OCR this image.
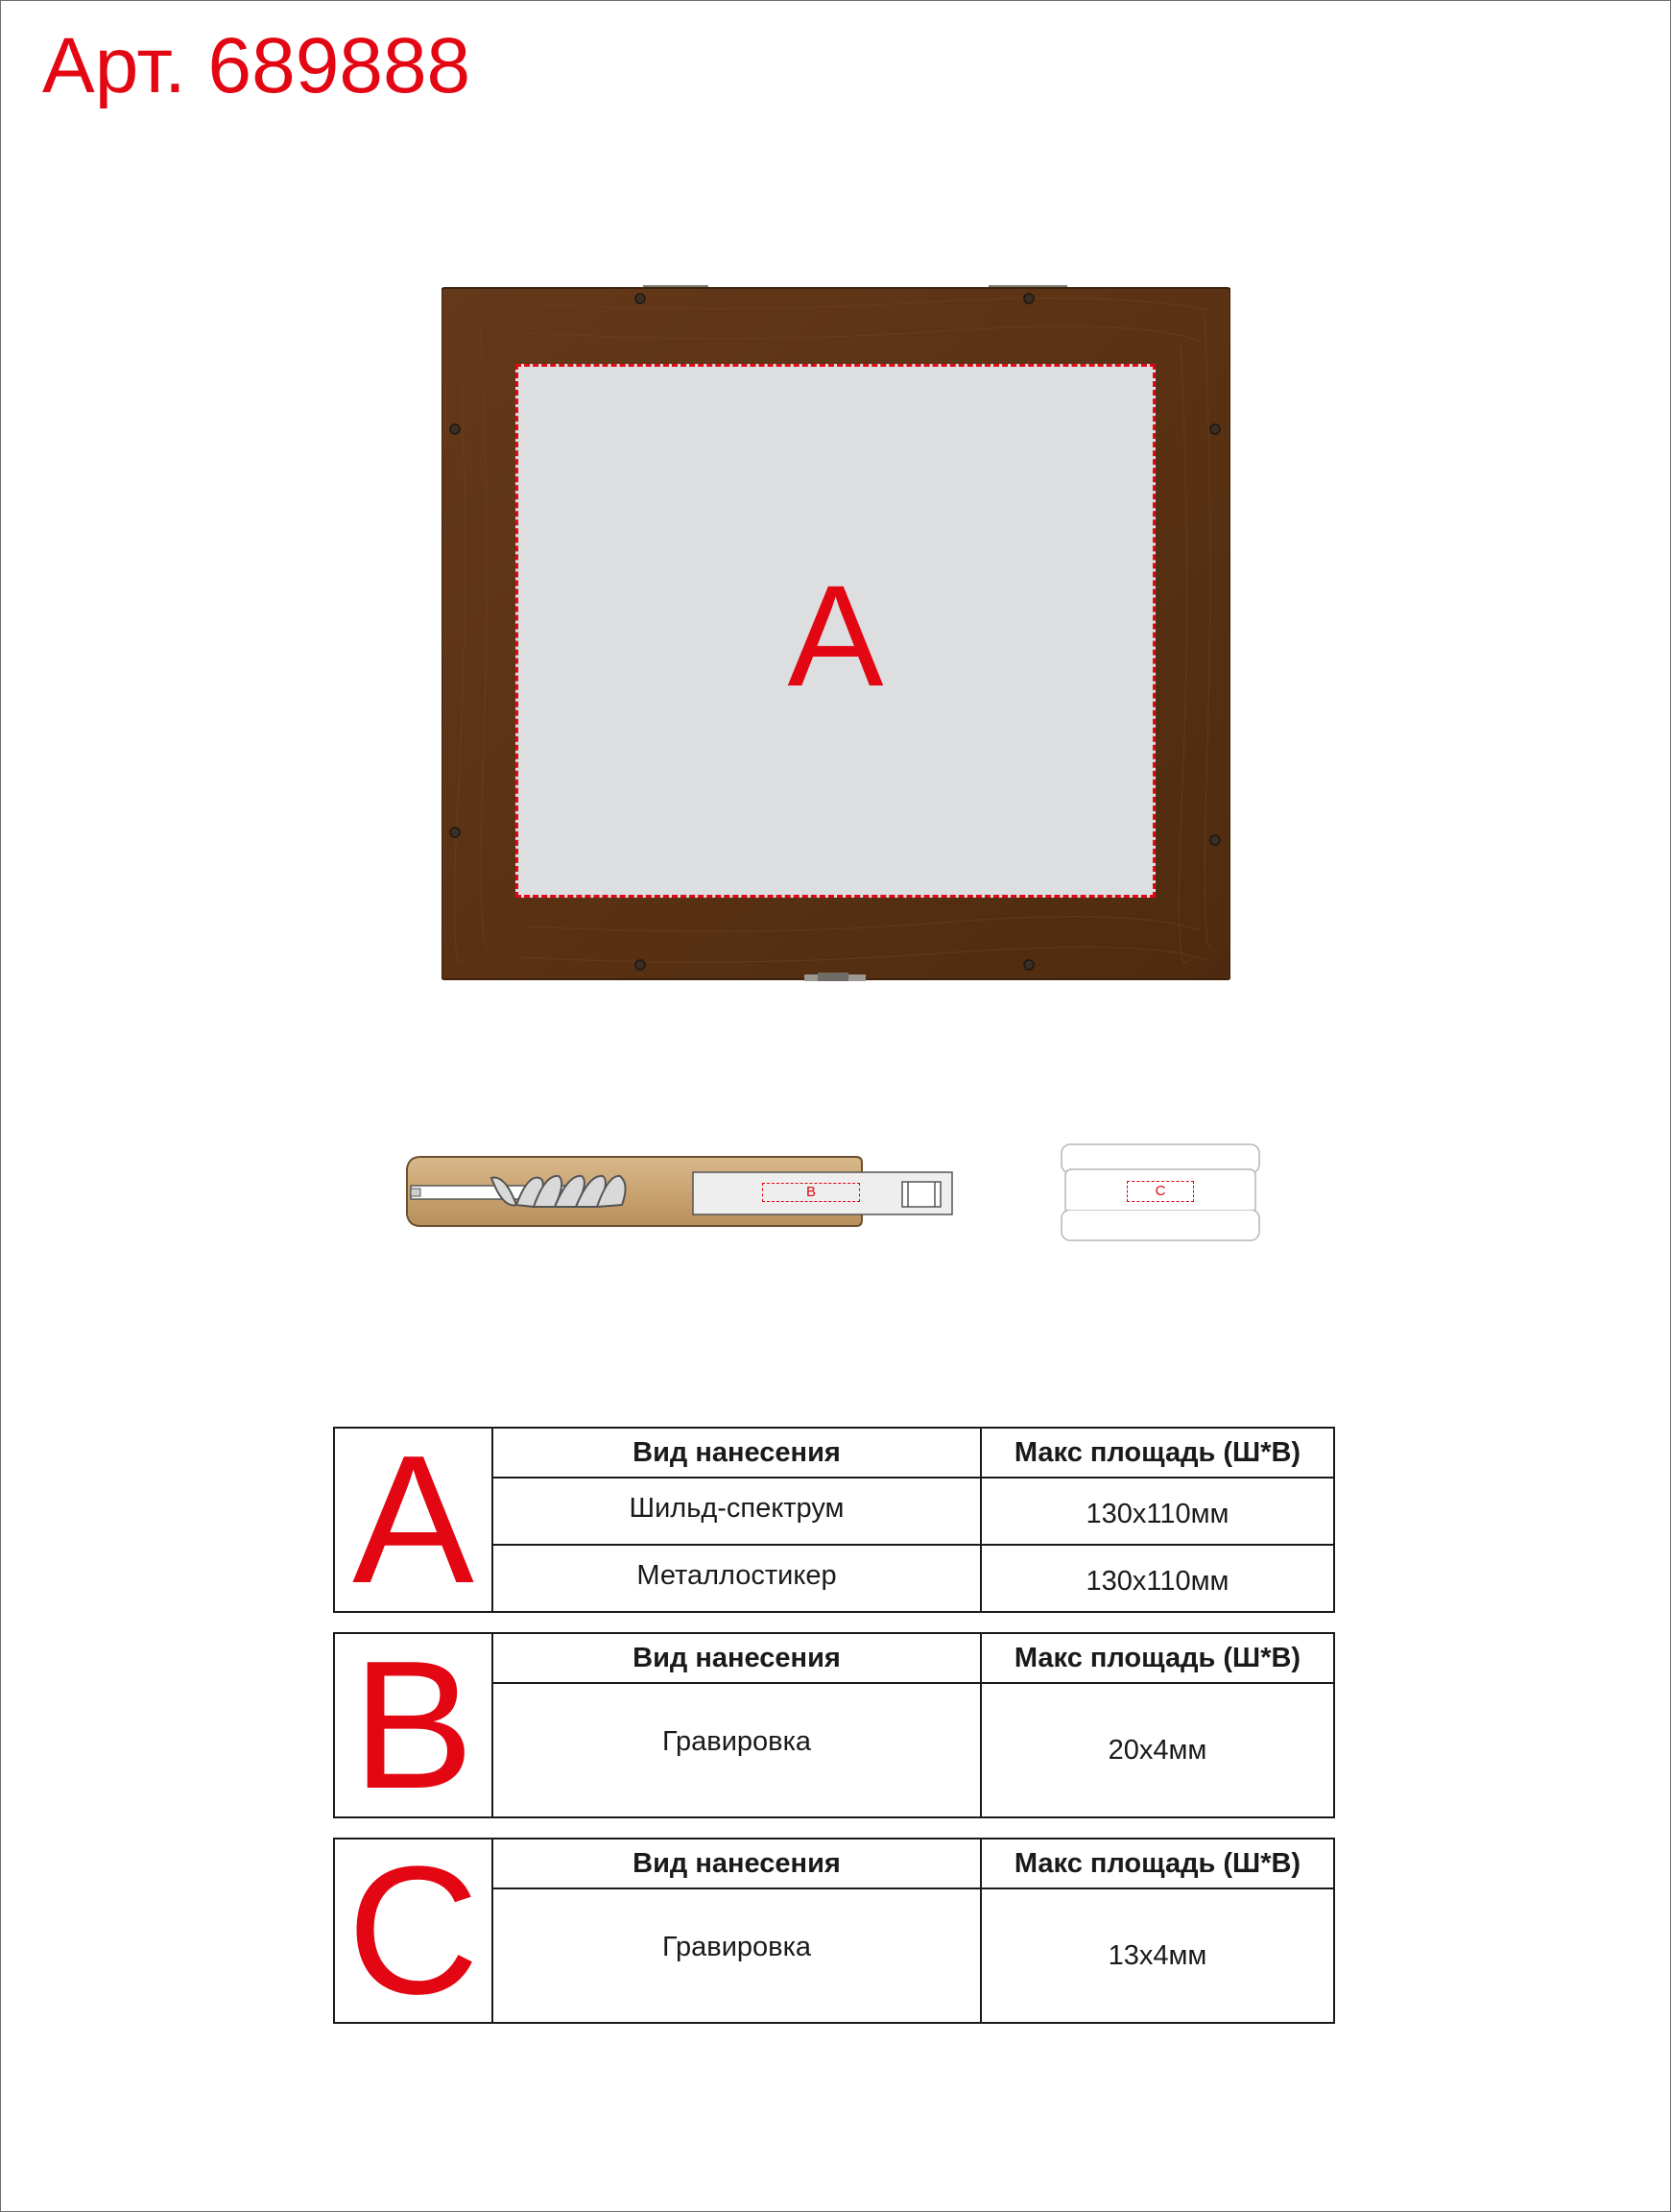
Арт. 689888
A
B	C
A	Вид нанесения	Макс площадь (Ш*В)
Шильд-спектрум	130x110мм
Металлостикер	130x110мм
B	Вид нанесения	Макс площадь (Ш*В)
Гравировка	20x4мм
C	Вид нанесения	Макс площадь (Ш*В)
Гравировка	13x4мм
